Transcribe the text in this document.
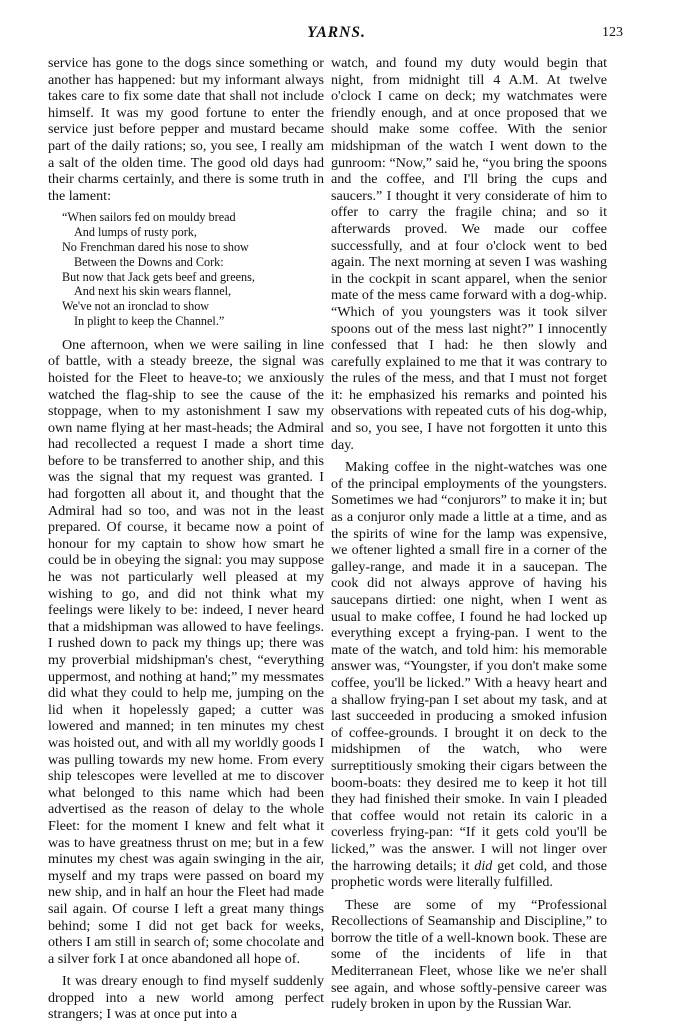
YARNS.	123

service has gone to the dogs since something or another has happened: but my informant always takes care to fix some date that shall not include himself. It was my good fortune to enter the service just before pepper and mustard became part of the daily rations; so, you see, I really am a salt of the olden time. The good old days had their charms certainly, and there is some truth in the lament:

“When sailors fed on mouldy bread
And lumps of rusty pork,
No Frenchman dared his nose to show
Between the Downs and Cork:
But now that Jack gets beef and greens,
And next his skin wears flannel,
We've not an ironclad to show
In plight to keep the Channel.”

One afternoon, when we were sailing in line of battle, with a steady breeze, the signal was hoisted for the Fleet to heave-to; we anxiously watched the flag-ship to see the cause of the stoppage, when to my astonishment I saw my own name flying at her mast-heads; the Admiral had recollected a request I made a short time before to be transferred to another ship, and this was the signal that my request was granted. I had forgotten all about it, and thought that the Admiral had so too, and was not in the least prepared. Of course, it became now a point of honour for my captain to show how smart he could be in obeying the signal: you may suppose he was not particularly well pleased at my wishing to go, and did not think what my feelings were likely to be: indeed, I never heard that a midshipman was allowed to have feelings. I rushed down to pack my things up; there was my proverbial midshipman's chest, “everything uppermost, and nothing at hand;” my messmates did what they could to help me, jumping on the lid when it hopelessly gaped; a cutter was lowered and manned; in ten minutes my chest was hoisted out, and with all my worldly goods I was pulling towards my new home. From every ship telescopes were levelled at me to discover what belonged to this name which had been advertised as the reason of delay to the whole Fleet: for the moment I knew and felt what it was to have greatness thrust on me; but in a few minutes my chest was again swinging in the air, myself and my traps were passed on board my new ship, and in half an hour the Fleet had made sail again. Of course I left a great many things behind; some I did not get back for weeks, others I am still in search of; some chocolate and a silver fork I at once abandoned all hope of.

It was dreary enough to find myself suddenly dropped into a new world among perfect strangers; I was at once put into a

watch, and found my duty would begin that night, from midnight till 4 A.M. At twelve o'clock I came on deck; my watchmates were friendly enough, and at once proposed that we should make some coffee. With the senior midshipman of the watch I went down to the gunroom: “Now,” said he, “you bring the spoons and the coffee, and I'll bring the cups and saucers.” I thought it very considerate of him to offer to carry the fragile china; and so it afterwards proved. We made our coffee successfully, and at four o'clock went to bed again. The next morning at seven I was washing in the cockpit in scant apparel, when the senior mate of the mess came forward with a dog-whip. “Which of you youngsters was it took silver spoons out of the mess last night?” I innocently confessed that I had: he then slowly and carefully explained to me that it was contrary to the rules of the mess, and that I must not forget it: he emphasized his remarks and pointed his observations with repeated cuts of his dog-whip, and so, you see, I have not forgotten it unto this day.

Making coffee in the night-watches was one of the principal employments of the youngsters. Sometimes we had “conjurors” to make it in; but as a conjuror only made a little at a time, and as the spirits of wine for the lamp was expensive, we oftener lighted a small fire in a corner of the galley-range, and made it in a saucepan. The cook did not always approve of having his saucepans dirtied: one night, when I went as usual to make coffee, I found he had locked up everything except a frying-pan. I went to the mate of the watch, and told him: his memorable answer was, “Youngster, if you don't make some coffee, you'll be licked.” With a heavy heart and a shallow frying-pan I set about my task, and at last succeeded in producing a smoked infusion of coffee-grounds. I brought it on deck to the midshipmen of the watch, who were surreptitiously smoking their cigars between the boom-boats: they desired me to keep it hot till they had finished their smoke. In vain I pleaded that coffee would not retain its caloric in a coverless frying-pan: “If it gets cold you'll be licked,” was the answer. I will not linger over the harrowing details; it did get cold, and those prophetic words were literally fulfilled.

These are some of my “Professional Recollections of Seamanship and Discipline,” to borrow the title of a well-known book. These are some of the incidents of life in that Mediterranean Fleet, whose like we ne'er shall see again, and whose softly-pensive career was rudely broken in upon by the Russian War.
